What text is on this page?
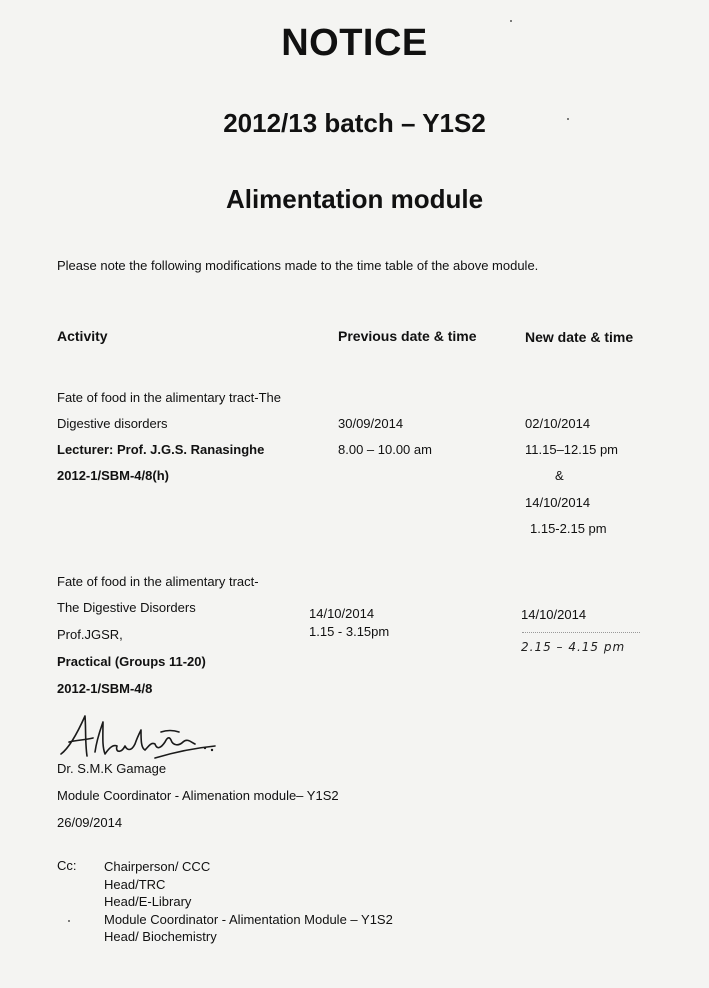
NOTICE
2012/13 batch – Y1S2
Alimentation module
Please note the following modifications made to the time table of the above module.
Activity	Previous date & time	New date & time
Fate of food in the alimentary tract-The
Digestive disorders
Lecturer: Prof. J.G.S. Ranasinghe
2012-1/SBM-4/8(h)
30/09/2014
8.00 – 10.00 am
02/10/2014
11.15–12.15 pm
&
14/10/2014
1.15-2.15 pm
Fate of food in the alimentary tract-
The Digestive Disorders
Prof.JGSR,
Practical (Groups 11-20)
2012-1/SBM-4/8
14/10/2014
1.15 - 3.15pm
14/10/2014
2.15 – 4.15 pm
Dr. S.M.K Gamage
Module Coordinator - Alimenation module– Y1S2
26/09/2014
Cc: Chairperson/ CCC
Head/TRC
Head/E-Library
Module Coordinator - Alimentation Module – Y1S2
Head/ Biochemistry
